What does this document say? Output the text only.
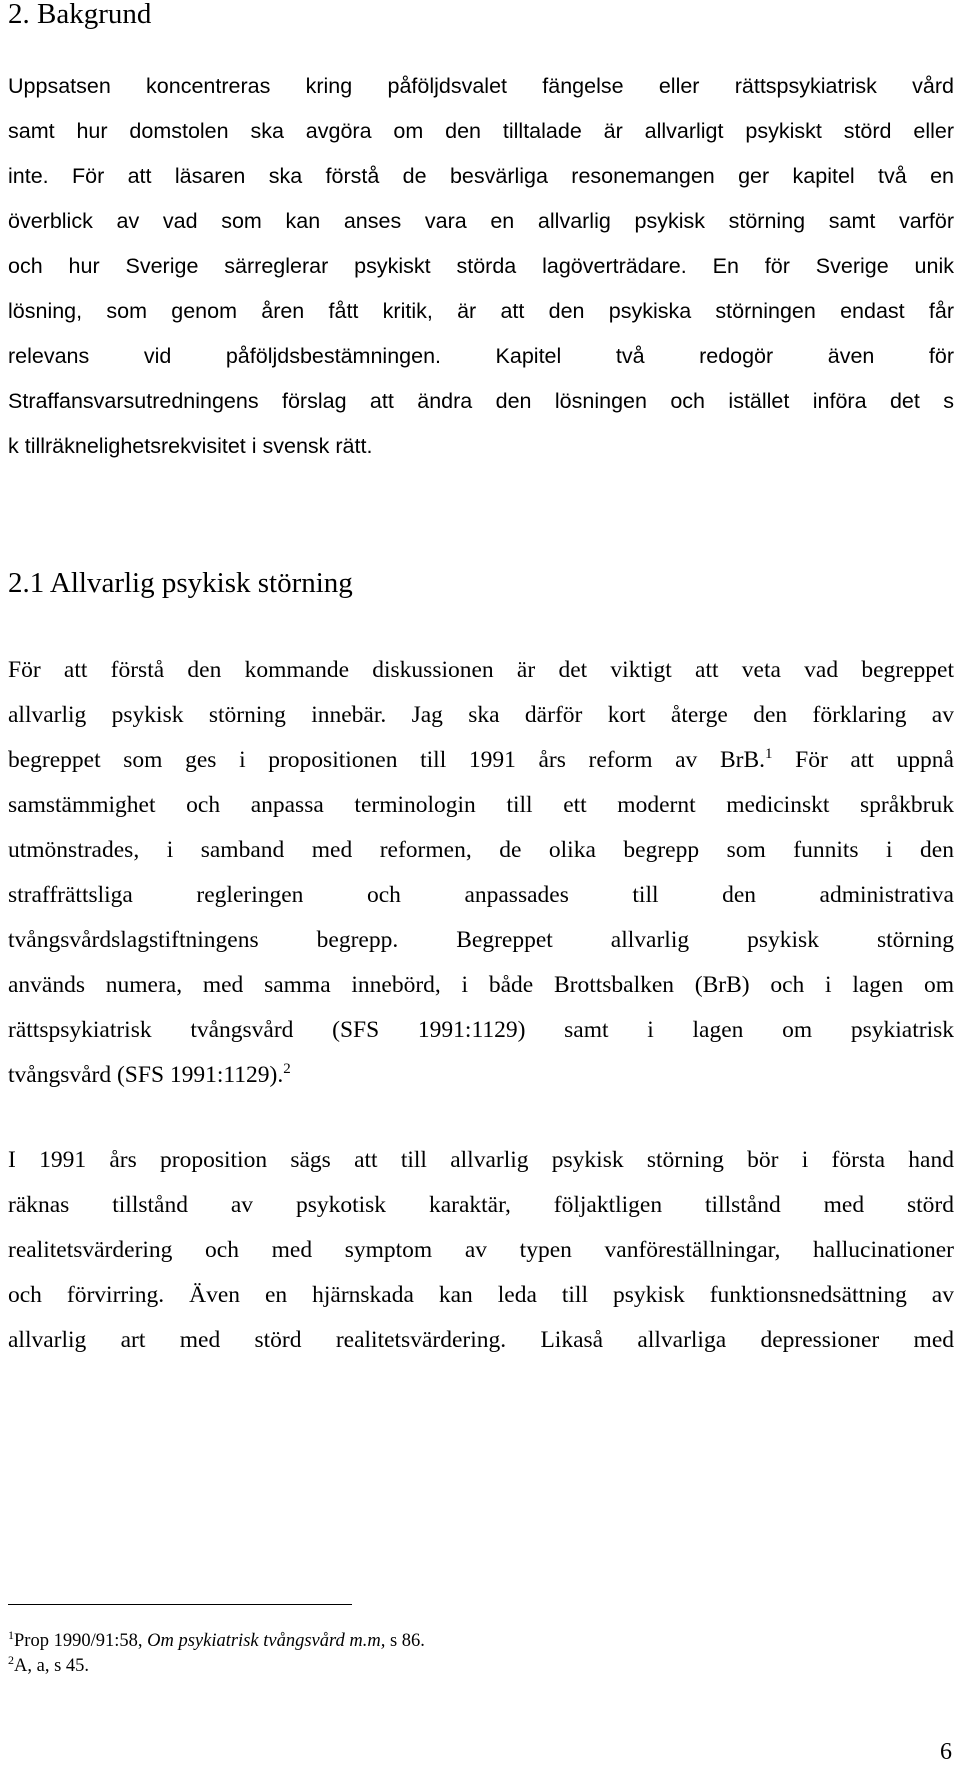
2. Bakgrund
Uppsatsen koncentreras kring påföljdsvalet fängelse eller rättspsykiatrisk vård
samt hur domstolen ska avgöra om den tilltalade är allvarligt psykiskt störd eller
inte. För att läsaren ska förstå de besvärliga resonemangen ger kapitel två en
överblick av vad som kan anses vara en allvarlig psykisk störning samt varför
och hur Sverige särreglerar psykiskt störda lagöverträdare. En för Sverige unik
lösning, som genom åren fått kritik, är att den psykiska störningen endast får
relevans vid påföljdsbestämningen. Kapitel två redogör även för
Straffansvarsutredningens förslag att ändra den lösningen och istället införa det s
k tillräknelighetsrekvisitet i svensk rätt.
2.1 Allvarlig psykisk störning
För att förstå den kommande diskussionen är det viktigt att veta vad begreppet
allvarlig psykisk störning innebär. Jag ska därför kort återge den förklaring av
begreppet som ges i propositionen till 1991 års reform av BrB.$^1$ För att uppnå
samstämmighet och anpassa terminologin till ett modernt medicinskt språkbruk
utmönstrades, i samband med reformen, de olika begrepp som funnits i den
straffrättsliga regleringen och anpassades till den administrativa
tvångsvårdslagstiftningens begrepp. Begreppet allvarlig psykisk störning
används numera, med samma innebörd, i både Brottsbalken (BrB) och i lagen om
rättspsykiatrisk tvångsvård (SFS 1991:1129) samt i lagen om psykiatrisk
tvångsvård (SFS 1991:1129).$^2$
I 1991 års proposition sägs att till allvarlig psykisk störning bör i första hand
räknas tillstånd av psykotisk karaktär, följaktligen tillstånd med störd
realitetsvärdering och med symptom av typen vanföreställningar, hallucinationer
och förvirring. Även en hjärnskada kan leda till psykisk funktionsnedsättning av
allvarlig art med störd realitetsvärdering. Likaså allvarliga depressioner med
$^1$Prop 1990/91:58, Om psykiatrisk tvångsvård m.m, s 86.
$^2$A, a, s 45.
6
